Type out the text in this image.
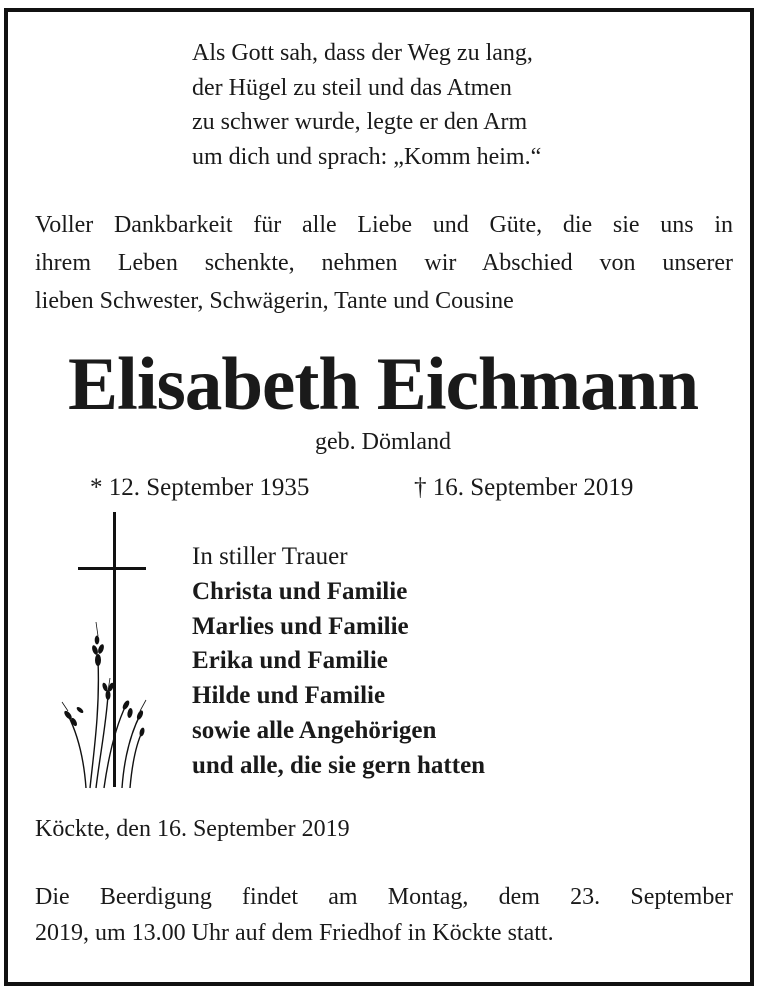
Als Gott sah, dass der Weg zu lang,
der Hügel zu steil und das Atmen
zu schwer wurde, legte er den Arm
um dich und sprach: „Komm heim.“
Voller Dankbarkeit für alle Liebe und Güte, die sie uns in
ihrem Leben schenkte, nehmen wir Abschied von unserer
lieben Schwester, Schwägerin, Tante und Cousine
Elisabeth Eichmann
geb. Dömland
* 12. September 1935	† 16. September 2019
In stiller Trauer
Christa und Familie
Marlies und Familie
Erika und Familie
Hilde und Familie
sowie alle Angehörigen
und alle, die sie gern hatten
Köckte, den 16. September 2019
Die Beerdigung findet am Montag, dem 23. September
2019, um 13.00 Uhr auf dem Friedhof in Köckte statt.
